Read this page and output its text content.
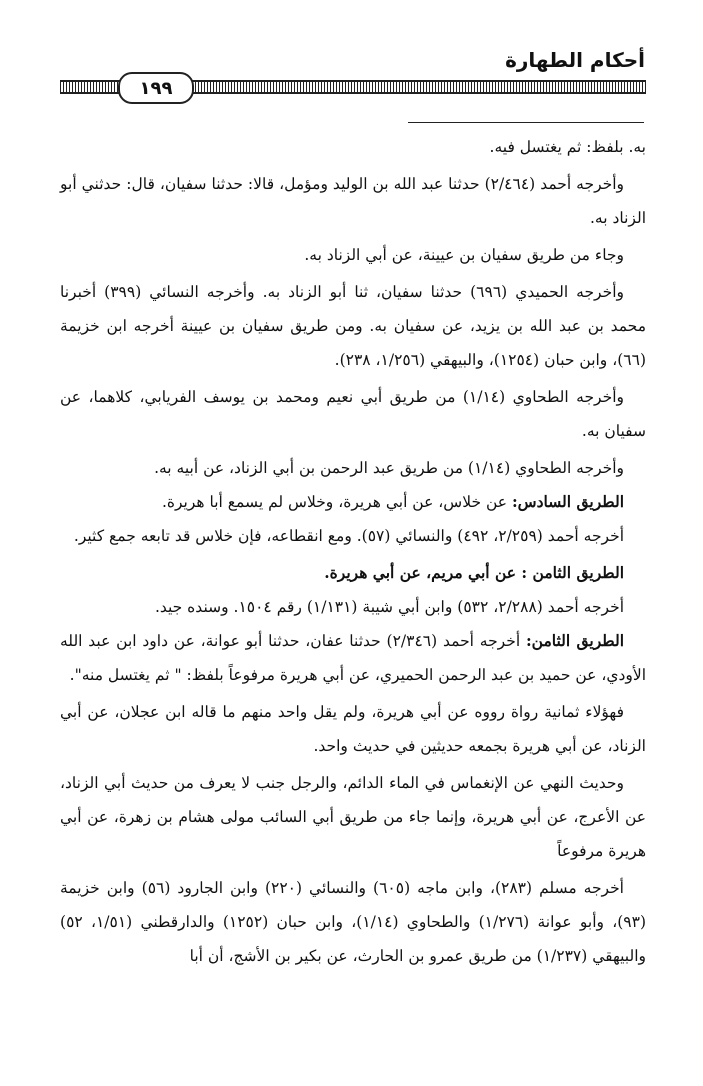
أحكام الطهارة
١٩٩

به. بلفظ: ثم يغتسل فيه.

وأخرجه أحمد (٢/٤٦٤) حدثنا عبد الله بن الوليد ومؤمل، قالا: حدثنا سفيان، قال: حدثني أبو الزناد به.

وجاء من طريق سفيان بن عيينة، عن أبي الزناد به.

وأخرجه الحميدي (٦٩٦) حدثنا سفيان، ثنا أبو الزناد به. وأخرجه النسائي (٣٩٩) أخبرنا محمد بن عبد الله بن يزيد، عن سفيان به. ومن طريق سفيان بن عيينة أخرجه ابن خزيمة (٦٦)، وابن حبان (١٢٥٤)، والبيهقي (١/٢٥٦، ٢٣٨).

وأخرجه الطحاوي (١/١٤) من طريق أبي نعيم ومحمد بن يوسف الفريابي، كلاهما، عن سفيان به.

وأخرجه الطحاوي (١/١٤) من طريق عبد الرحمن بن أبي الزناد، عن أبيه به.

الطريق السادس: عن خلاس، عن أبي هريرة، وخلاس لم يسمع أبا هريرة.

أخرجه أحمد (٢/٢٥٩، ٤٩٢) والنسائي (٥٧). ومع انقطاعه، فإن خلاس قد تابعه جمع كثير.

الطريق الثامن : عن أبي مريم، عن أبي هريرة.

أخرجه أحمد (٢/٢٨٨، ٥٣٢) وابن أبي شيبة (١/١٣١) رقم ١٥٠٤. وسنده جيد.

الطريق الثامن: أخرجه أحمد (٢/٣٤٦) حدثنا عفان، حدثنا أبو عوانة، عن داود ابن عبد الله الأودي، عن حميد بن عبد الرحمن الحميري، عن أبي هريرة مرفوعاً بلفظ: " ثم يغتسل منه".

فهؤلاء ثمانية رواة رووه عن أبي هريرة، ولم يقل واحد منهم ما قاله ابن عجلان، عن أبي الزناد، عن أبي هريرة بجمعه حديثين في حديث واحد.

وحديث النهي عن الإنغماس في الماء الدائم، والرجل جنب لا يعرف من حديث أبي الزناد، عن الأعرج، عن أبي هريرة، وإنما جاء من طريق أبي السائب مولى هشام بن زهرة، عن أبي هريرة مرفوعاً

أخرجه مسلم (٢٨٣)، وابن ماجه (٦٠٥) والنسائي (٢٢٠) وابن الجارود (٥٦) وابن خزيمة (٩٣)، وأبو عوانة (١/٢٧٦) والطحاوي (١/١٤)، وابن حبان (١٢٥٢) والدارقطني (١/٥١، ٥٢) والبيهقي (١/٢٣٧) من طريق عمرو بن الحارث، عن بكير بن الأشج، أن أبا
